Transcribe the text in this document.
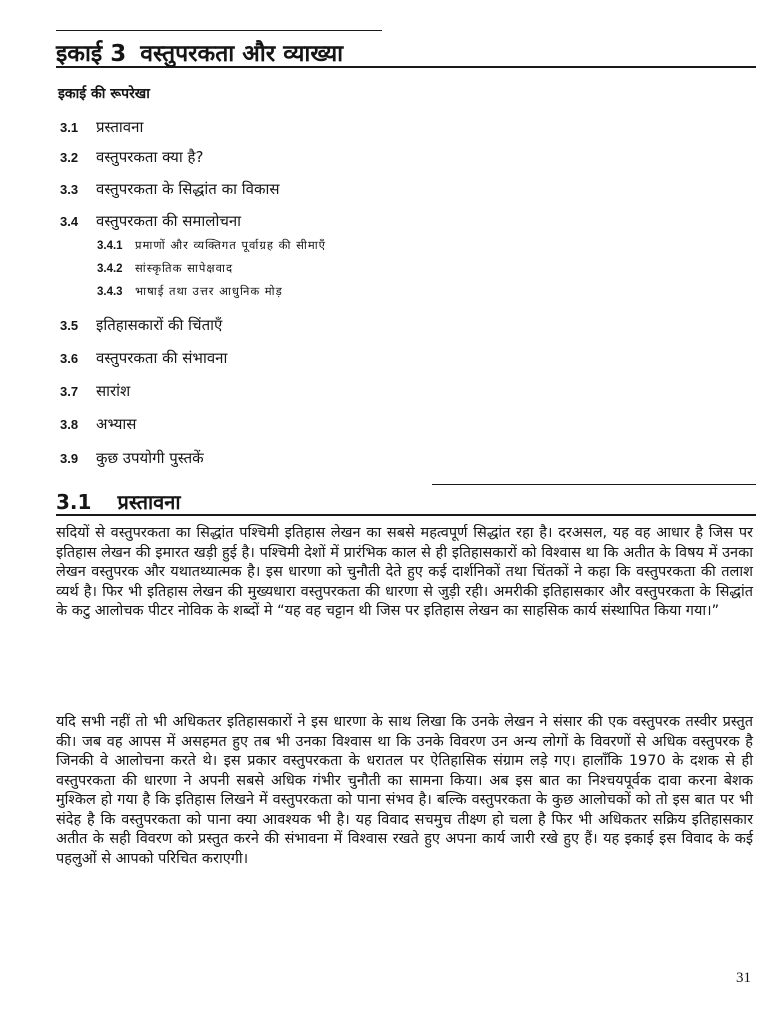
इकाई 3 वस्तुपरकता और व्याख्या
इकाई की रूपरेखा
3.1 प्रस्तावना
3.2 वस्तुपरकता क्या है?
3.3 वस्तुपरकता के सिद्धांत का विकास
3.4 वस्तुपरकता की समालोचना
3.4.1 प्रमाणों और व्यक्तिगत पूर्वाग्रह की सीमाएँ
3.4.2 सांस्कृतिक सापेक्षवाद
3.4.3 भाषाई तथा उत्तर आधुनिक मोड़
3.5 इतिहासकारों की चिंताएँ
3.6 वस्तुपरकता की संभावना
3.7 सारांश
3.8 अभ्यास
3.9 कुछ उपयोगी पुस्तकें
3.1 प्रस्तावना
सदियों से वस्तुपरकता का सिद्धांत पश्चिमी इतिहास लेखन का सबसे महत्वपूर्ण सिद्धांत रहा है। दरअसल, यह वह आधार है जिस पर इतिहास लेखन की इमारत खड़ी हुई है। पश्चिमी देशों में प्रारंभिक काल से ही इतिहासकारों को विश्वास था कि अतीत के विषय में उनका लेखन वस्तुपरक और यथातथ्यात्मक है। इस धारणा को चुनौती देते हुए कई दार्शनिकों तथा चिंतकों ने कहा कि वस्तुपरकता की तलाश व्यर्थ है। फिर भी इतिहास लेखन की मुख्यधारा वस्तुपरकता की धारणा से जुड़ी रही। अमरीकी इतिहासकार और वस्तुपरकता के सिद्धांत के कटु आलोचक पीटर नोविक के शब्दों मे “यह वह चट्टान थी जिस पर इतिहास लेखन का साहसिक कार्य संस्थापित किया गया।”
यदि सभी नहीं तो भी अधिकतर इतिहासकारों ने इस धारणा के साथ लिखा कि उनके लेखन ने संसार की एक वस्तुपरक तस्वीर प्रस्तुत की। जब वह आपस में असहमत हुए तब भी उनका विश्वास था कि उनके विवरण उन अन्य लोगों के विवरणों से अधिक वस्तुपरक है जिनकी वे आलोचना करते थे। इस प्रकार वस्तुपरकता के धरातल पर ऐतिहासिक संग्राम लड़े गए। हालाँकि 1970 के दशक से ही वस्तुपरकता की धारणा ने अपनी सबसे अधिक गंभीर चुनौती का सामना किया। अब इस बात का निश्चयपूर्वक दावा करना बेशक मुश्किल हो गया है कि इतिहास लिखने में वस्तुपरकता को पाना संभव है। बल्कि वस्तुपरकता के कुछ आलोचकों को तो इस बात पर भी संदेह है कि वस्तुपरकता को पाना क्या आवश्यक भी है। यह विवाद सचमुच तीक्ष्ण हो चला है फिर भी अधिकतर सक्रिय इतिहासकार अतीत के सही विवरण को प्रस्तुत करने की संभावना में विश्वास रखते हुए अपना कार्य जारी रखे हुए हैं। यह इकाई इस विवाद के कई पहलुओं से आपको परिचित कराएगी।
31
